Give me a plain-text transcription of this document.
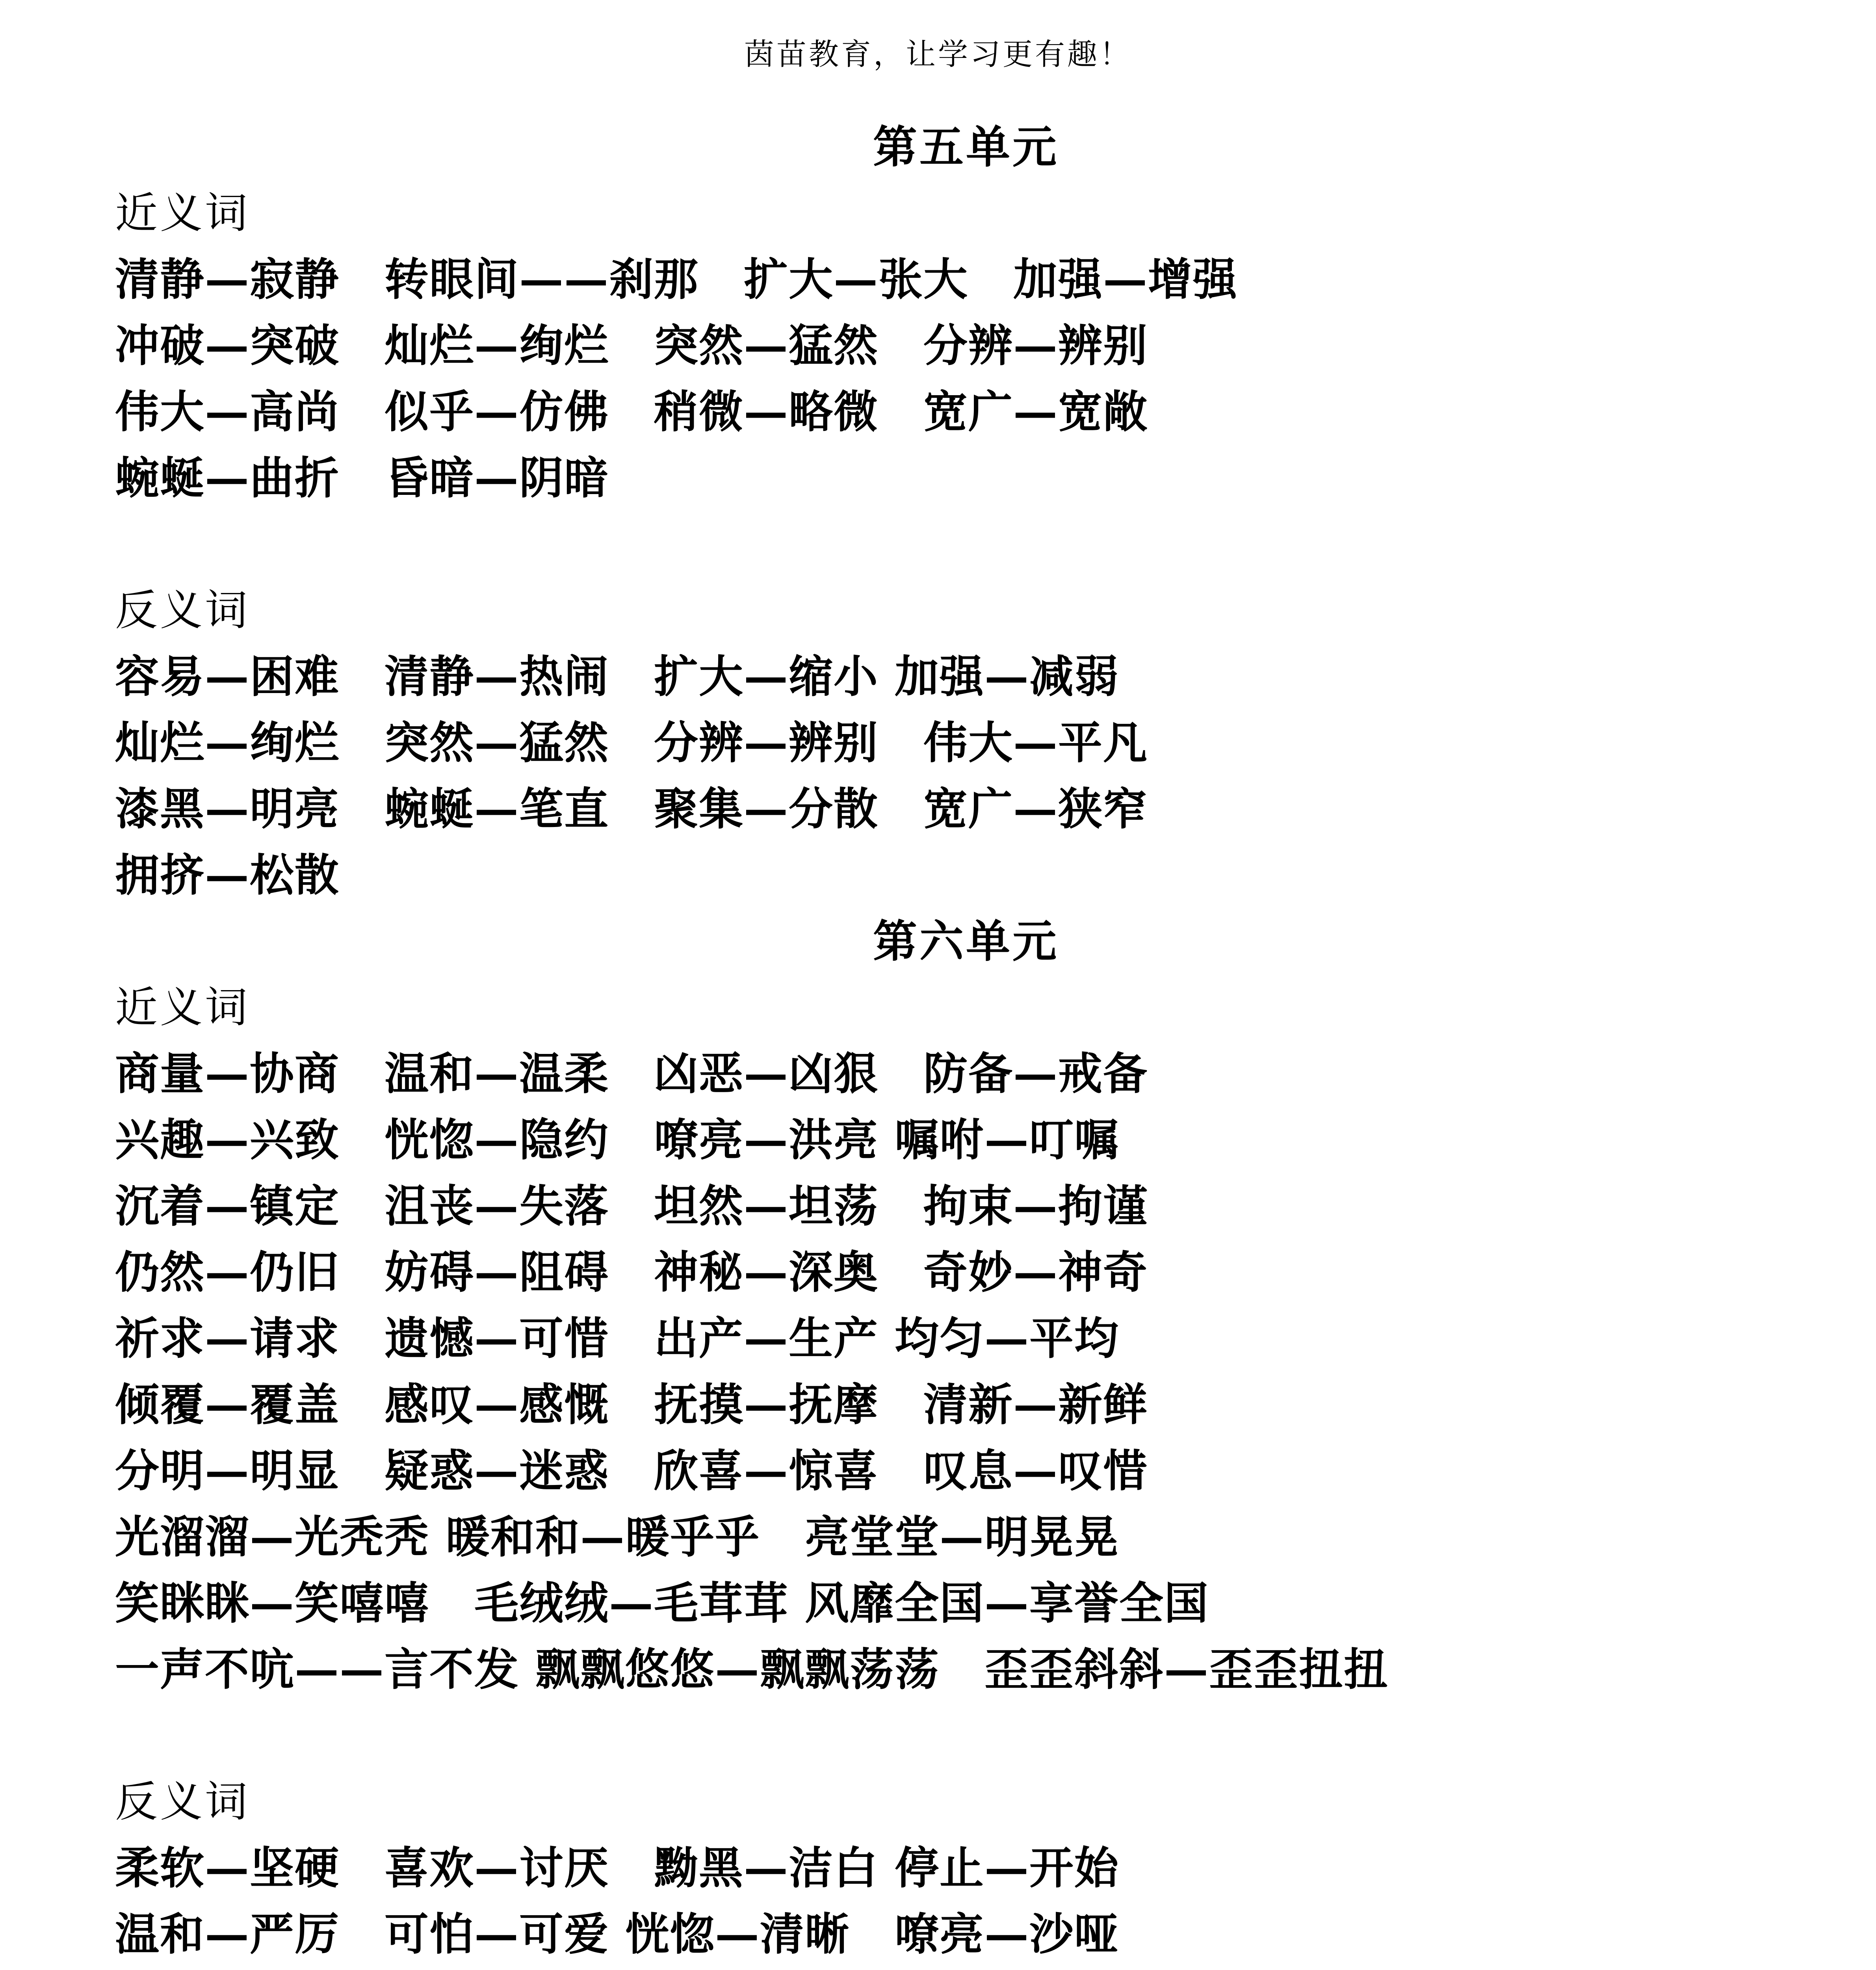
茵苗教育，让学习更有趣！
第五单元
近义词
清静—寂静　转眼间——刹那　扩大—张大　加强—增强
冲破—突破　灿烂—绚烂　突然—猛然　分辨—辨别
伟大—高尚　似乎—仿佛　稍微—略微　宽广—宽敞
蜿蜒—曲折　昏暗—阴暗
反义词
容易—困难　清静—热闹　扩大—缩小 加强—减弱
灿烂—绚烂　突然—猛然　分辨—辨别　伟大—平凡
漆黑—明亮　蜿蜒—笔直　聚集—分散　宽广—狭窄
拥挤—松散
第六单元
近义词
商量—协商　温和—温柔　凶恶—凶狠　防备—戒备
兴趣—兴致　恍惚—隐约　嘹亮—洪亮 嘱咐—叮嘱
沉着—镇定　沮丧—失落　坦然—坦荡　拘束—拘谨
仍然—仍旧　妨碍—阻碍　神秘—深奥　奇妙—神奇
祈求—请求　遗憾—可惜　出产—生产 均匀—平均
倾覆—覆盖　感叹—感慨　抚摸—抚摩　清新—新鲜
分明—明显　疑惑—迷惑　欣喜—惊喜　叹息—叹惜
光溜溜—光秃秃 暖和和—暖乎乎　亮堂堂—明晃晃
笑眯眯—笑嘻嘻　毛绒绒—毛茸茸 风靡全国—享誉全国
一声不吭——言不发 飘飘悠悠—飘飘荡荡　歪歪斜斜—歪歪扭扭
反义词
柔软—坚硬　喜欢—讨厌　黝黑—洁白 停止—开始
温和—严厉　可怕—可爱 恍惚—清晰　嘹亮—沙哑
